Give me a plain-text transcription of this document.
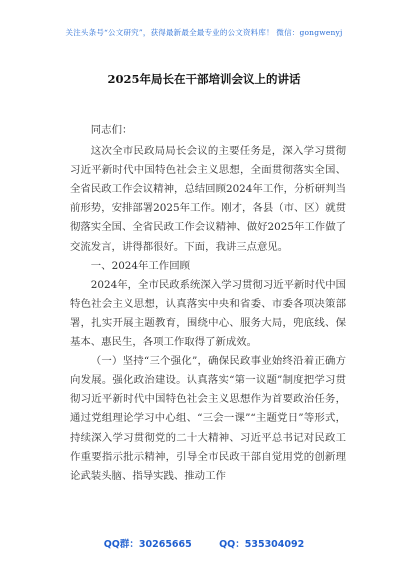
关注头条号“公文研究”，获得最新最全最专业的公文资料库！ 微信：gongwenyj
2025年局长在干部培训会议上的讲话

同志们：

这次全市民政局局长会议的主要任务是，深入学习贯彻习近平新时代中国特色社会主义思想，全面贯彻落实全国、全省民政工作会议精神，总结回顾2024年工作，分析研判当前形势，安排部署2025年工作。刚才，各县（市、区）就贯彻落实全国、全省民政工作会议精神、做好2025年工作做了交流发言，讲得都很好。下面，我讲三点意见。

一、2024年工作回顾

2024年，全市民政系统深入学习贯彻习近平新时代中国特色社会主义思想，认真落实中央和省委、市委各项决策部署，扎实开展主题教育，围绕中心、服务大局，兜底线、保基本、惠民生，各项工作取得了新成效。

（一）坚持“三个强化”，确保民政事业始终沿着正确方向发展。强化政治建设。认真落实“第一议题”制度把学习贯彻习近平新时代中国特色社会主义思想作为首要政治任务，通过党组理论学习中心组、“三会一课”“主题党日”等形式，持续深入学习贯彻党的二十大精神、习近平总书记对民政工作重要指示批示精神，引导全市民政干部自觉用党的创新理论武装头脑、指导实践、推动工作

QQ群：30265665	QQ：535304092
